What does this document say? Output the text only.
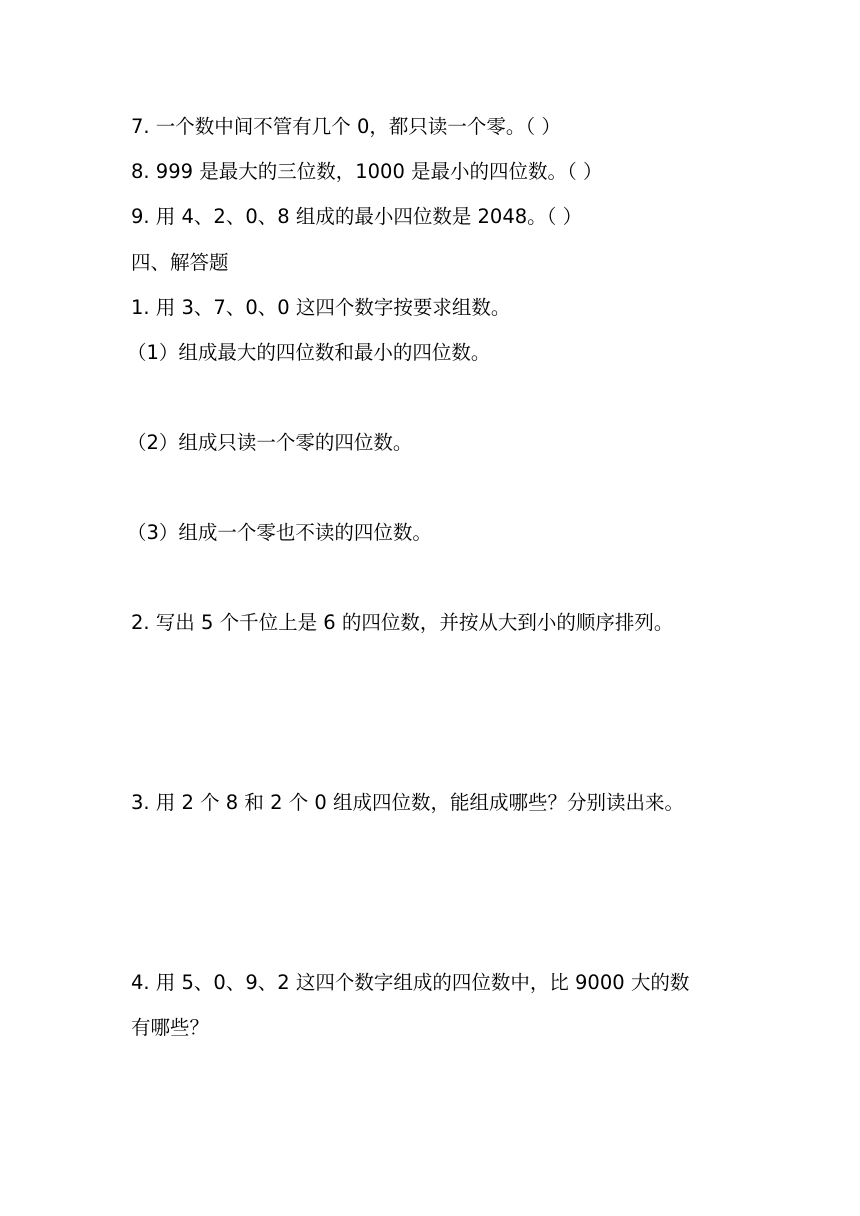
7. 一个数中间不管有几个 0，都只读一个零。（ ）
8. 999 是最大的三位数，1000 是最小的四位数。（ ）
9. 用 4、2、0、8 组成的最小四位数是 2048。（ ）
四、解答题
1. 用 3、7、0、0 这四个数字按要求组数。
（1）组成最大的四位数和最小的四位数。
（2）组成只读一个零的四位数。
（3）组成一个零也不读的四位数。
2. 写出 5 个千位上是 6 的四位数，并按从大到小的顺序排列。
3. 用 2 个 8 和 2 个 0 组成四位数，能组成哪些？分别读出来。
4. 用 5、0、9、2 这四个数字组成的四位数中，比 9000 大的数
有哪些？
